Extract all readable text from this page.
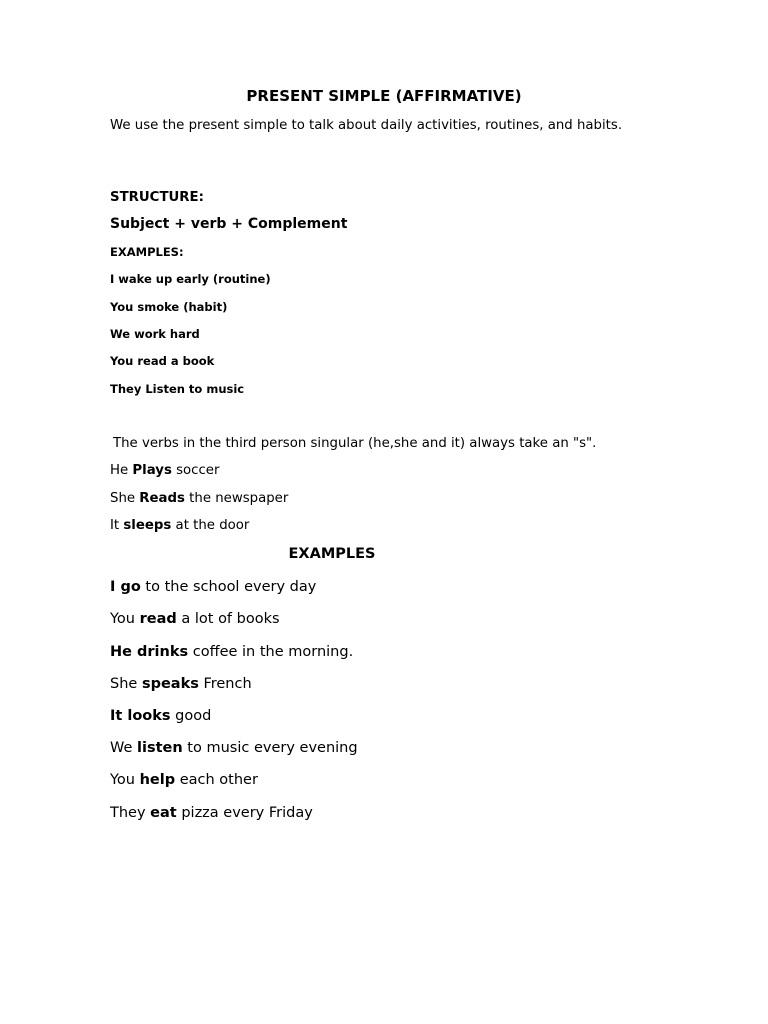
PRESENT SIMPLE (AFFIRMATIVE)

We use the present simple to talk about daily activities, routines, and habits.

STRUCTURE:

Subject + verb + Complement

EXAMPLES:

I wake up early (routine)

You smoke (habit)

We work hard

You read a book

They Listen to music

The verbs in the third person singular (he,she and it) always take an "s".

He Plays soccer

She Reads the newspaper

It sleeps at the door

EXAMPLES

I go to the school every day

You read a lot of books

He drinks coffee in the morning.

She speaks French

It looks good

We listen to music every evening

You help each other

They eat pizza every Friday
